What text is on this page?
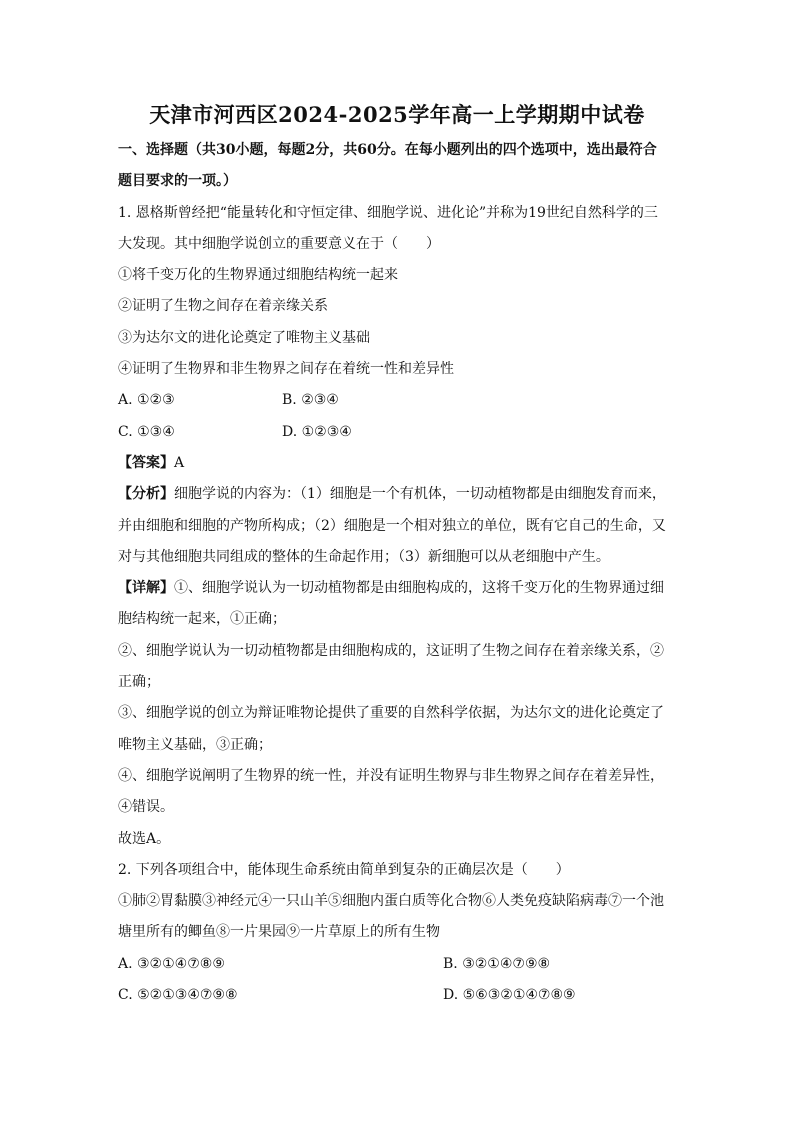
天津市河西区2024-2025学年高一上学期期中试卷
一、选择题（共30小题，每题2分，共60分。在每小题列出的四个选项中，选出最符合
题目要求的一项。）
1. 恩格斯曾经把“能量转化和守恒定律、细胞学说、进化论”并称为19世纪自然科学的三
大发现。其中细胞学说创立的重要意义在于（　　）
①将千变万化的生物界通过细胞结构统一起来
②证明了生物之间存在着亲缘关系
③为达尔文的进化论奠定了唯物主义基础
④证明了生物界和非生物界之间存在着统一性和差异性
A. ①②③	B. ②③④
C. ①③④	D. ①②③④
【答案】A
【分析】细胞学说的内容为：（1）细胞是一个有机体，一切动植物都是由细胞发育而来，
并由细胞和细胞的产物所构成；（2）细胞是一个相对独立的单位，既有它自己的生命，又
对与其他细胞共同组成的整体的生命起作用；（3）新细胞可以从老细胞中产生。
【详解】①、细胞学说认为一切动植物都是由细胞构成的，这将千变万化的生物界通过细
胞结构统一起来，①正确；
②、细胞学说认为一切动植物都是由细胞构成的，这证明了生物之间存在着亲缘关系，②
正确；
③、细胞学说的创立为辩证唯物论提供了重要的自然科学依据，为达尔文的进化论奠定了
唯物主义基础，③正确；
④、细胞学说阐明了生物界的统一性，并没有证明生物界与非生物界之间存在着差异性，
④错误。
故选A。
2. 下列各项组合中，能体现生命系统由简单到复杂的正确层次是（　　）
①肺②胃黏膜③神经元④一只山羊⑤细胞内蛋白质等化合物⑥人类免疫缺陷病毒⑦一个池
塘里所有的鲫鱼⑧一片果园⑨一片草原上的所有生物
A. ③②①④⑦⑧⑨	B. ③②①④⑦⑨⑧
C. ⑤②①③④⑦⑨⑧	D. ⑤⑥③②①④⑦⑧⑨
